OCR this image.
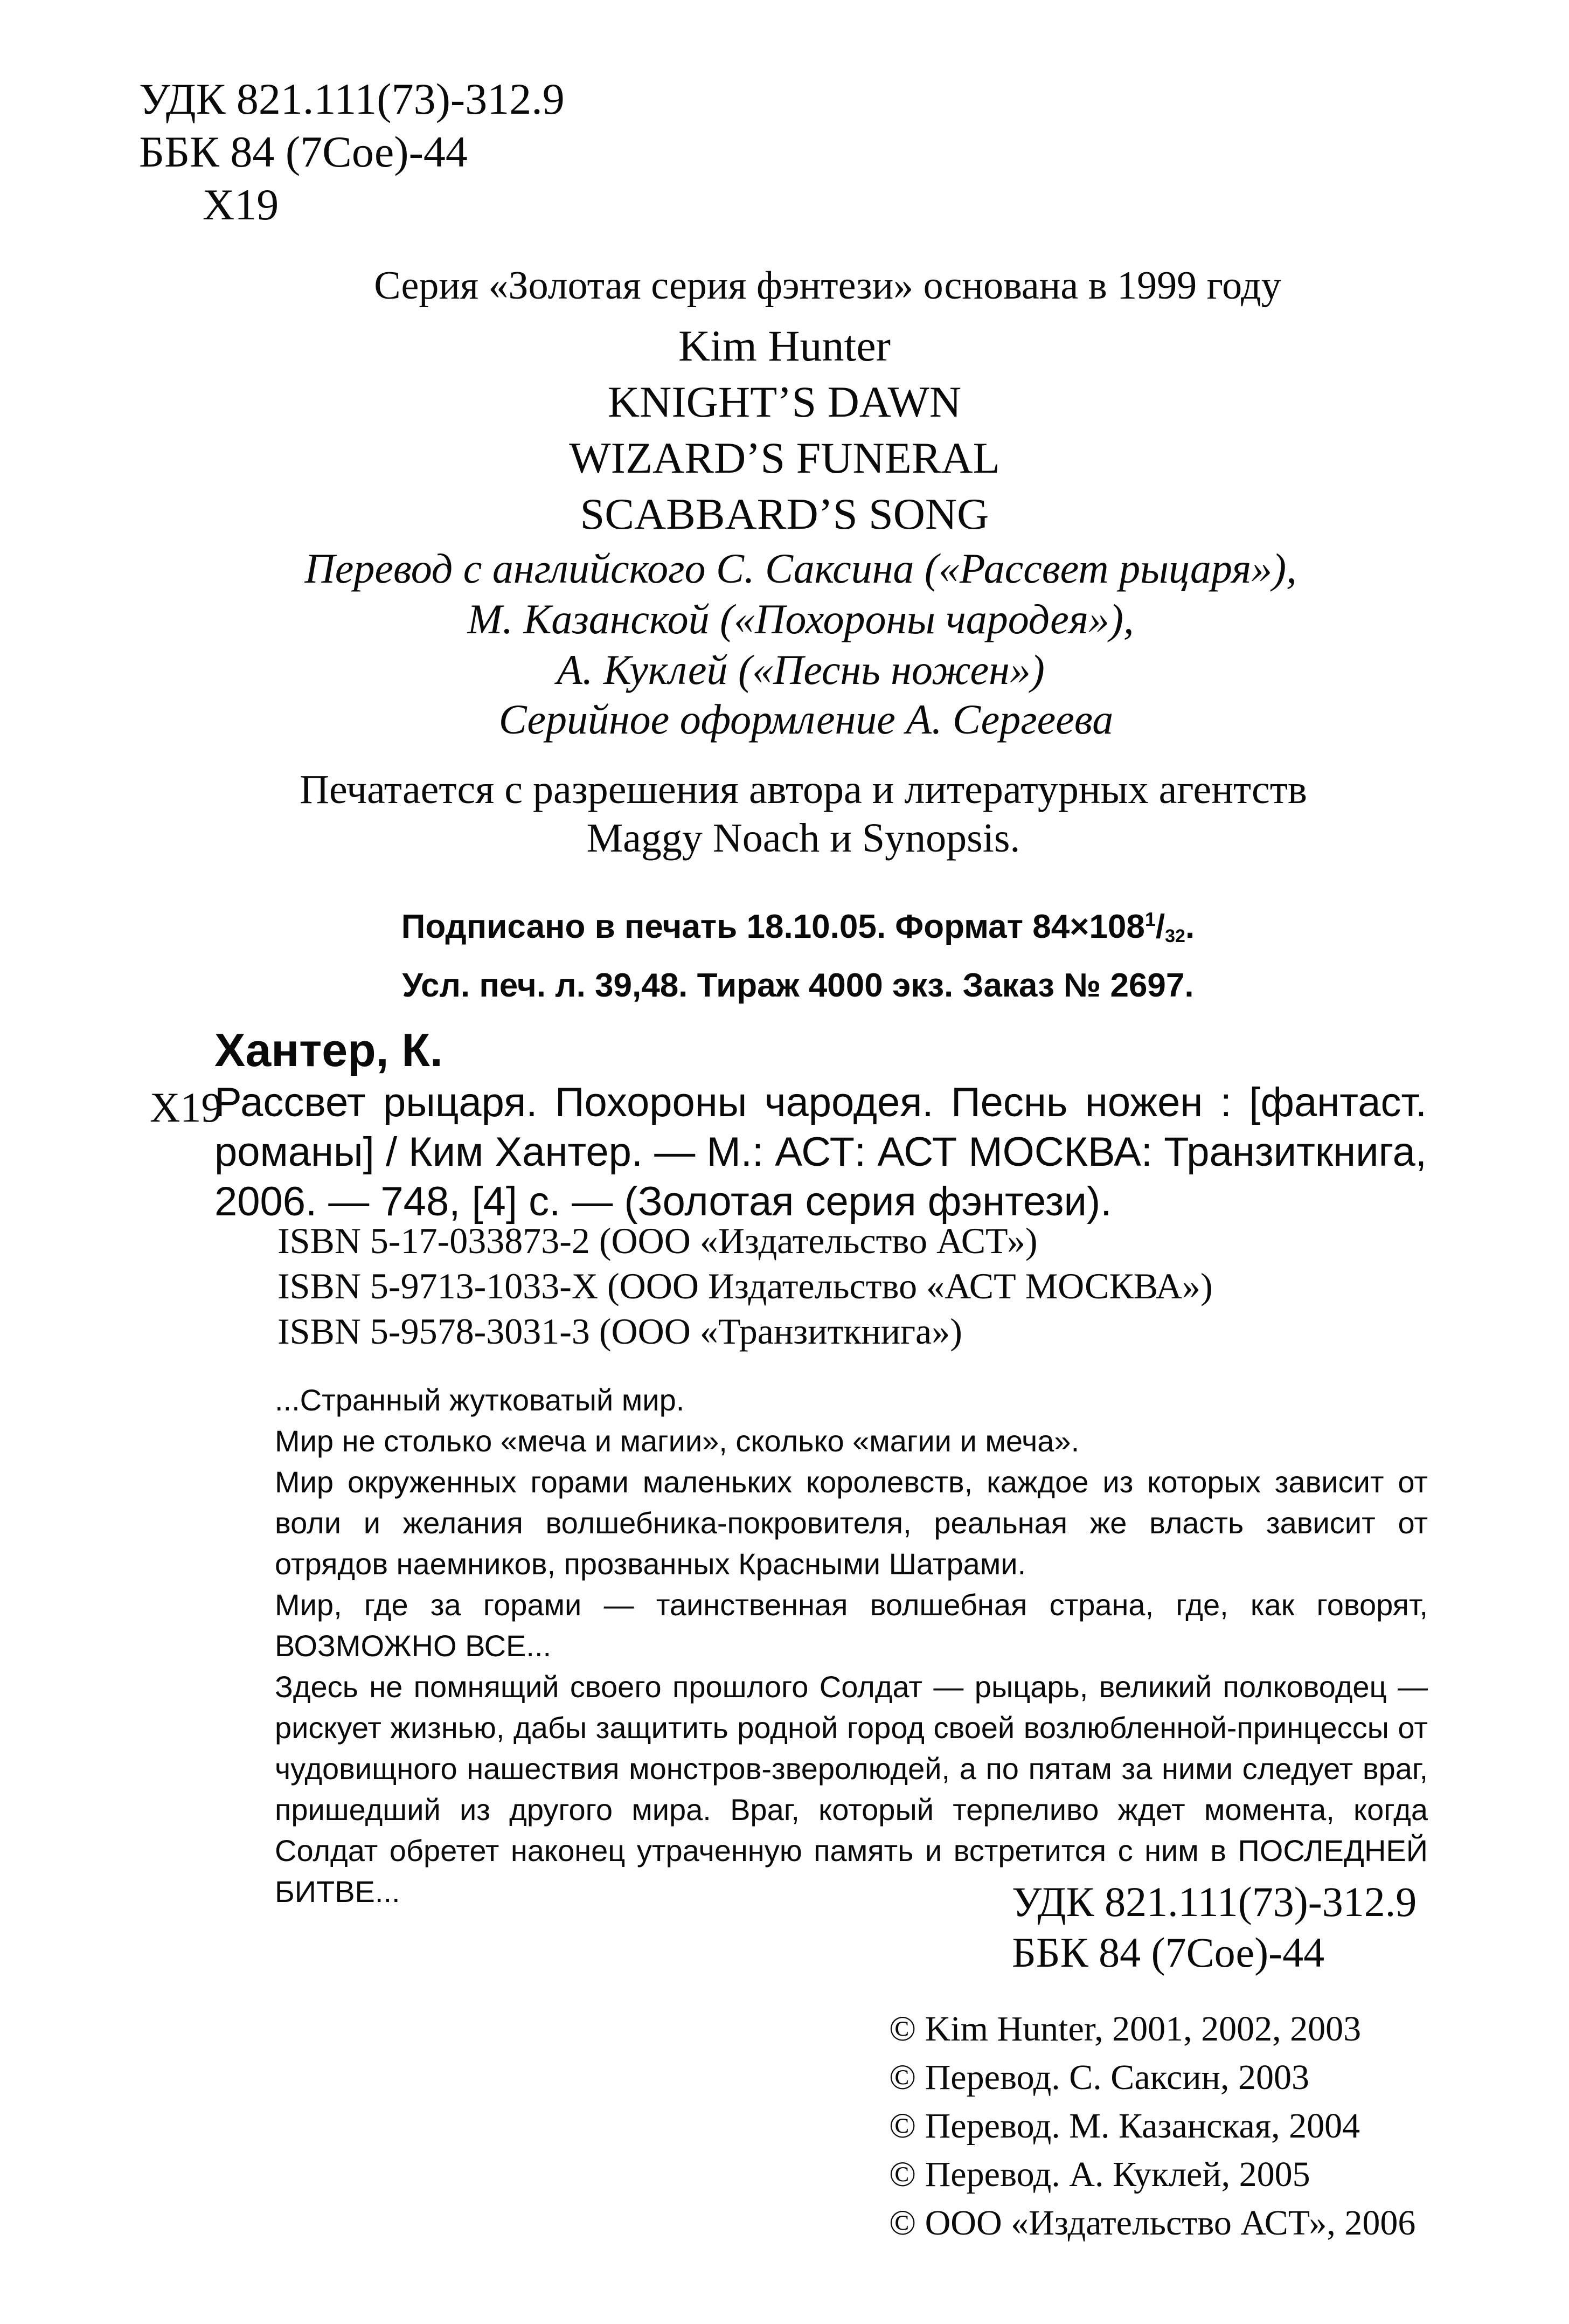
УДК 821.111(73)-312.9
ББК 84 (7Сое)-44
Х19
Серия «Золотая серия фэнтези» основана в 1999 году
Kim Hunter
KNIGHT’S DAWN
WIZARD’S FUNERAL
SCABBARD’S SONG
Перевод с английского С. Саксина («Рассвет рыцаря»),
М. Казанской («Похороны чародея»),
А. Куклей («Песнь ножен»)
Серийное оформление А. Сергеева
Печатается с разрешения автора и литературных агентств
Maggy Noach и Synopsis.
Подписано в печать 18.10.05. Формат $84\times 108^1/_{32}$.
Усл. печ. л. 39,48. Тираж 4000 экз. Заказ № 2697.
Хантер, К.
Х19
Рассвет рыцаря. Похороны чародея. Песнь ножен : [фантаст. романы] / Ким Хантер. — М.: АСТ: АСТ МОСКВА: Транзиткнига, 2006. — 748, [4] с. — (Золотая серия фэнтези).
ISBN 5-17-033873-2 (ООО «Издательство АСТ»)
ISBN 5-9713-1033-Х (ООО Издательство «АСТ МОСКВА»)
ISBN 5-9578-3031-3 (ООО «Транзиткнига»)

...Странный жутковатый мир.

Мир не столько «меча и магии», сколько «магии и меча».

Мир окруженных горами маленьких королевств, каждое из которых зависит от воли и желания волшебника-покровителя, реальная же власть зависит от отрядов наемников, прозванных Красными Шатрами.

Мир, где за горами — таинственная волшебная страна, где, как говорят, ВОЗМОЖНО ВСЕ...

Здесь не помнящий своего прошлого Солдат — рыцарь, великий полководец — рискует жизнью, дабы защитить родной город своей возлюбленной-принцессы от чудовищного нашествия монстров-зверолюдей, а по пятам за ними следует враг, пришедший из другого мира. Враг, который терпеливо ждет момента, когда Солдат обретет наконец утраченную память и встретится с ним в ПОСЛЕДНЕЙ БИТВЕ...	УДК 821.111(73)-312.9
ББК 84 (7Сое)-44
© Kim Hunter, 2001, 2002, 2003
© Перевод. С. Саксин, 2003
© Перевод. М. Казанская, 2004
© Перевод. А. Куклей, 2005
© ООО «Издательство АСТ», 2006
